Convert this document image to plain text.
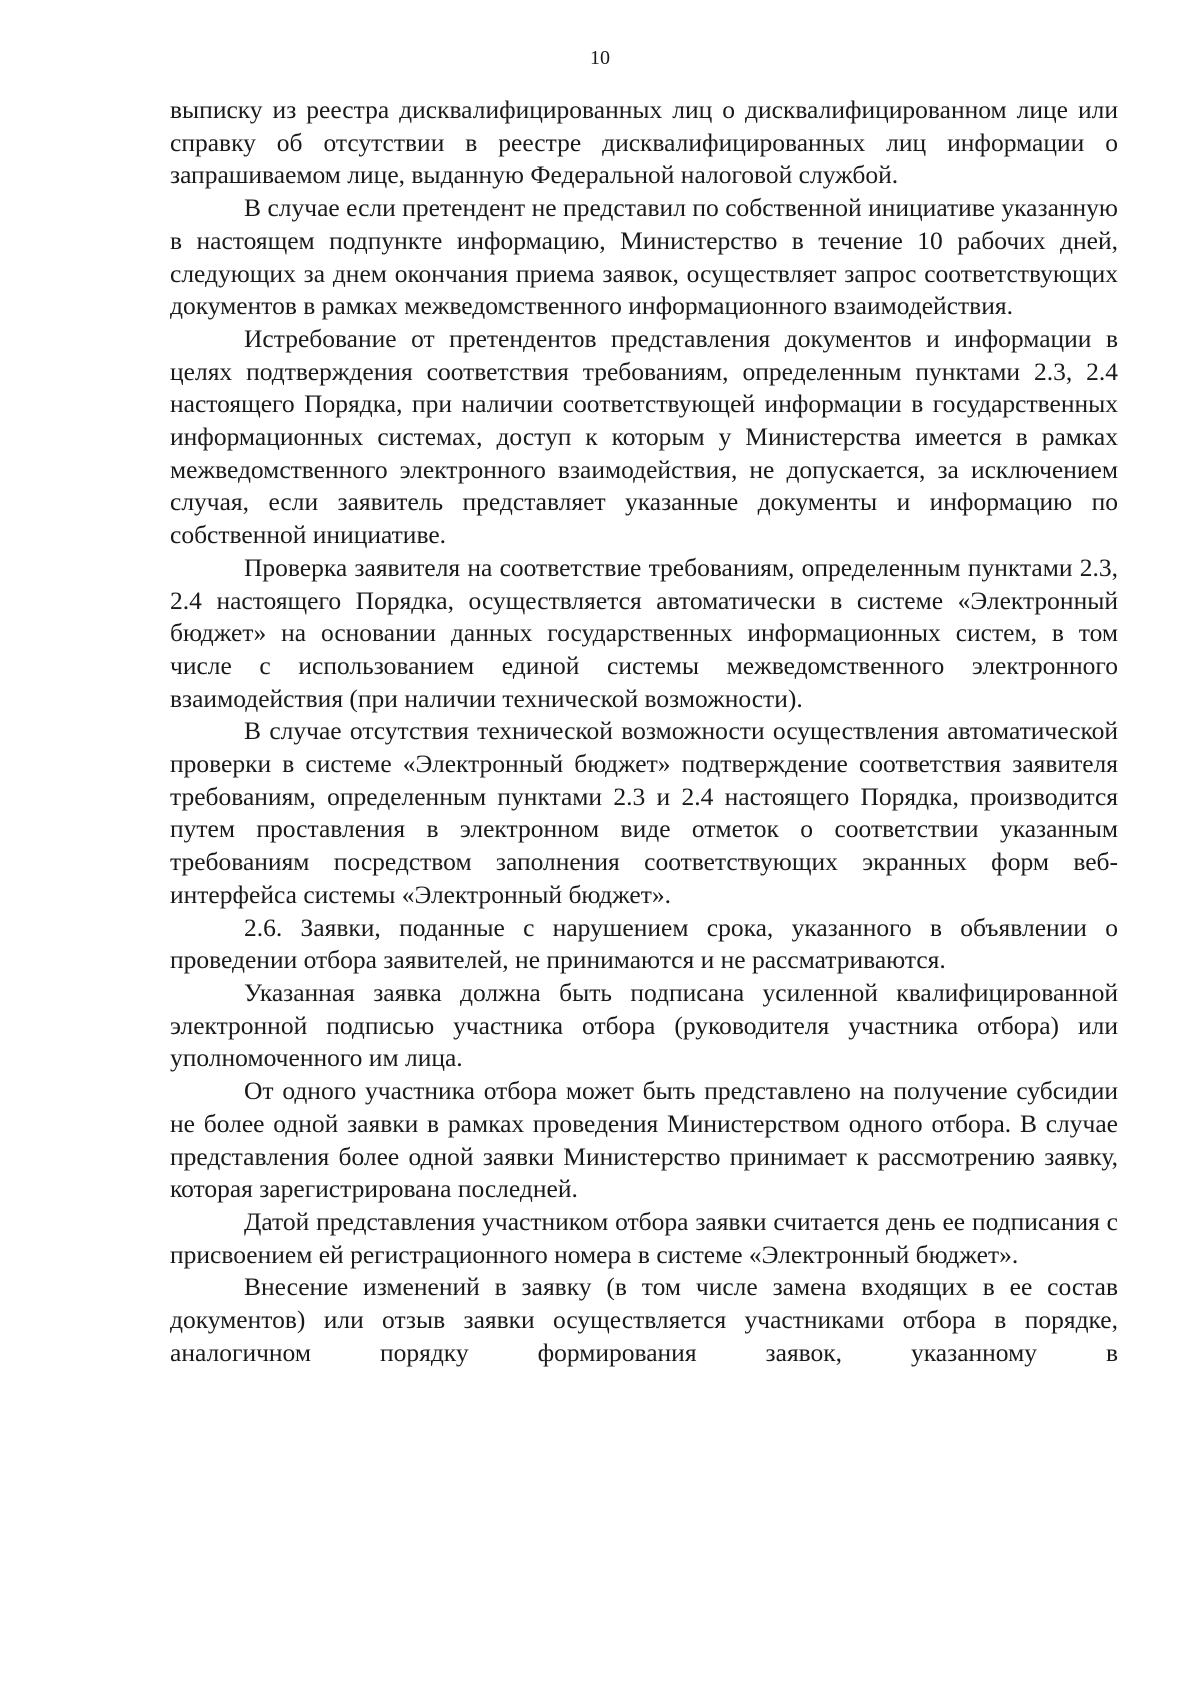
10

выписку из реестра дисквалифицированных лиц о дисквалифицированном лице или справку об отсутствии в реестре дисквалифицированных лиц информации о запрашиваемом лице, выданную Федеральной налоговой службой.

В случае если претендент не представил по собственной инициативе указанную в настоящем подпункте информацию, Министерство в течение 10 рабочих дней, следующих за днем окончания приема заявок, осуществляет запрос соответствующих документов в рамках межведомственного информационного взаимодействия.

Истребование от претендентов представления документов и информации в целях подтверждения соответствия требованиям, определенным пунктами 2.3, 2.4 настоящего Порядка, при наличии соответствующей информации в государственных информационных системах, доступ к которым у Министерства имеется в рамках межведомственного электронного взаимодействия, не допускается, за исключением случая, если заявитель представляет указанные документы и информацию по собственной инициативе.

Проверка заявителя на соответствие требованиям, определенным пунктами 2.3, 2.4 настоящего Порядка, осуществляется автоматически в системе «Электронный бюджет» на основании данных государственных информационных систем, в том числе с использованием единой системы межведомственного электронного взаимодействия (при наличии технической возможности).

В случае отсутствия технической возможности осуществления автоматической проверки в системе «Электронный бюджет» подтверждение соответствия заявителя требованиям, определенным пунктами 2.3 и 2.4 настоящего Порядка, производится путем проставления в электронном виде отметок о соответствии указанным требованиям посредством заполнения соответствующих экранных форм веб-интерфейса системы «Электронный бюджет».

2.6. Заявки, поданные с нарушением срока, указанного в объявлении о проведении отбора заявителей, не принимаются и не рассматриваются.

Указанная заявка должна быть подписана усиленной квалифицированной электронной подписью участника отбора (руководителя участника отбора) или уполномоченного им лица.

От одного участника отбора может быть представлено на получение субсидии не более одной заявки в рамках проведения Министерством одного отбора. В случае представления более одной заявки Министерство принимает к рассмотрению заявку, которая зарегистрирована последней.

Датой представления участником отбора заявки считается день ее подписания с присвоением ей регистрационного номера в системе «Электронный бюджет».

Внесение изменений в заявку (в том числе замена входящих в ее состав документов) или отзыв заявки осуществляется участниками отбора в порядке, аналогичном порядку формирования заявок, указанному в
